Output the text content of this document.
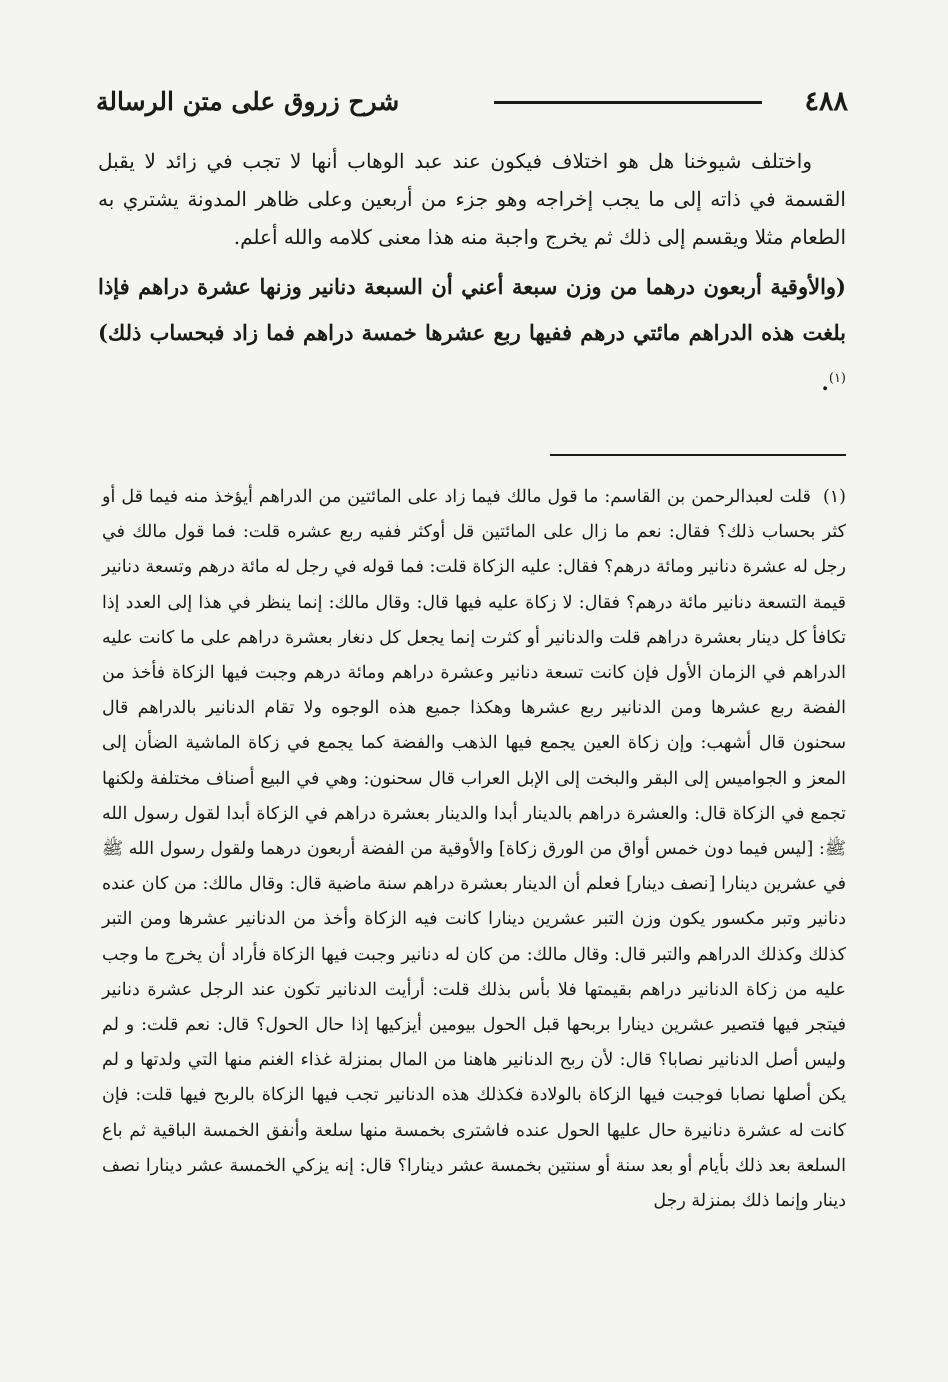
٤٨٨
شرح زروق على متن الرسالة

واختلف شيوخنا هل هو اختلاف فيكون عند عبد الوهاب أنها لا تجب في زائد لا يقبل القسمة في ذاته إلى ما يجب إخراجه وهو جزء من أربعين وعلى ظاهر المدونة يشتري به الطعام مثلا ويقسم إلى ذلك ثم يخرج واجبة منه هذا معنى كلامه والله أعلم.

(والأوقية أربعون درهما من وزن سبعة أعني أن السبعة دنانير وزنها عشرة دراهم فإذا بلغت هذه الدراهم مائتي درهم ففيها ربع عشرها خمسة دراهم فما زاد فبحساب ذلك)$^{(١)}$.

(١) قلت لعبدالرحمن بن القاسم: ما قول مالك فيما زاد على المائتين من الدراهم أيؤخذ منه فيما قل أو كثر بحساب ذلك؟ فقال: نعم ما زال على المائتين قل أوكثر ففيه ربع عشره قلت: فما قول مالك في رجل له عشرة دنانير ومائة درهم؟ فقال: عليه الزكاة قلت: فما قوله في رجل له مائة درهم وتسعة دنانير قيمة التسعة دنانير مائة درهم؟ فقال: لا زكاة عليه فيها قال: وقال مالك: إنما ينظر في هذا إلى العدد إذا تكافأ كل دينار بعشرة دراهم قلت والدنانير أو كثرت إنما يجعل كل دنغار بعشرة دراهم على ما كانت عليه الدراهم في الزمان الأول فإن كانت تسعة دنانير وعشرة دراهم ومائة درهم وجبت فيها الزكاة فأخذ من الفضة ربع عشرها ومن الدنانير ربع عشرها وهكذا جميع هذه الوجوه ولا تقام الدنانير بالدراهم قال سحنون قال أشهب: وإن زكاة العين يجمع فيها الذهب والفضة كما يجمع في زكاة الماشية الضأن إلى المعز و الجواميس إلى البقر والبخت إلى الإبل العراب قال سحنون: وهي في البيع أصناف مختلفة ولكنها تجمع في الزكاة قال: والعشرة دراهم بالدينار أبدا والدينار بعشرة دراهم في الزكاة أبدا لقول رسول الله ﷺ: [ليس فيما دون خمس أواق من الورق زكاة] والأوقية من الفضة أربعون درهما ولقول رسول الله ﷺ في عشرين دينارا [نصف دينار] فعلم أن الدينار بعشرة دراهم سنة ماضية قال: وقال مالك: من كان عنده دنانير وتبر مكسور يكون وزن التبر عشرين دينارا كانت فيه الزكاة وأخذ من الدنانير عشرها ومن التبر كذلك وكذلك الدراهم والتبر قال: وقال مالك: من كان له دنانير وجبت فيها الزكاة فأراد أن يخرج ما وجب عليه من زكاة الدنانير دراهم بقيمتها فلا بأس بذلك قلت: أرأيت الدنانير تكون عند الرجل عشرة دنانير فيتجر فيها فتصير عشرين دينارا بربحها قبل الحول بيومين أيزكيها إذا حال الحول؟ قال: نعم قلت: و لم وليس أصل الدنانير نصابا؟ قال: لأن ربح الدنانير هاهنا من المال بمنزلة غذاء الغنم منها التي ولدتها و لم يكن أصلها نصابا فوجبت فيها الزكاة بالولادة فكذلك هذه الدنانير تجب فيها الزكاة بالربح فيها قلت: فإن كانت له عشرة دنانيرة حال عليها الحول عنده فاشترى بخمسة منها سلعة وأنفق الخمسة الباقية ثم باع السلعة بعد ذلك بأيام أو بعد سنة أو سنتين بخمسة عشر دينارا؟ قال: إنه يزكي الخمسة عشر دينارا نصف دينار وإنما ذلك بمنزلة رجل
